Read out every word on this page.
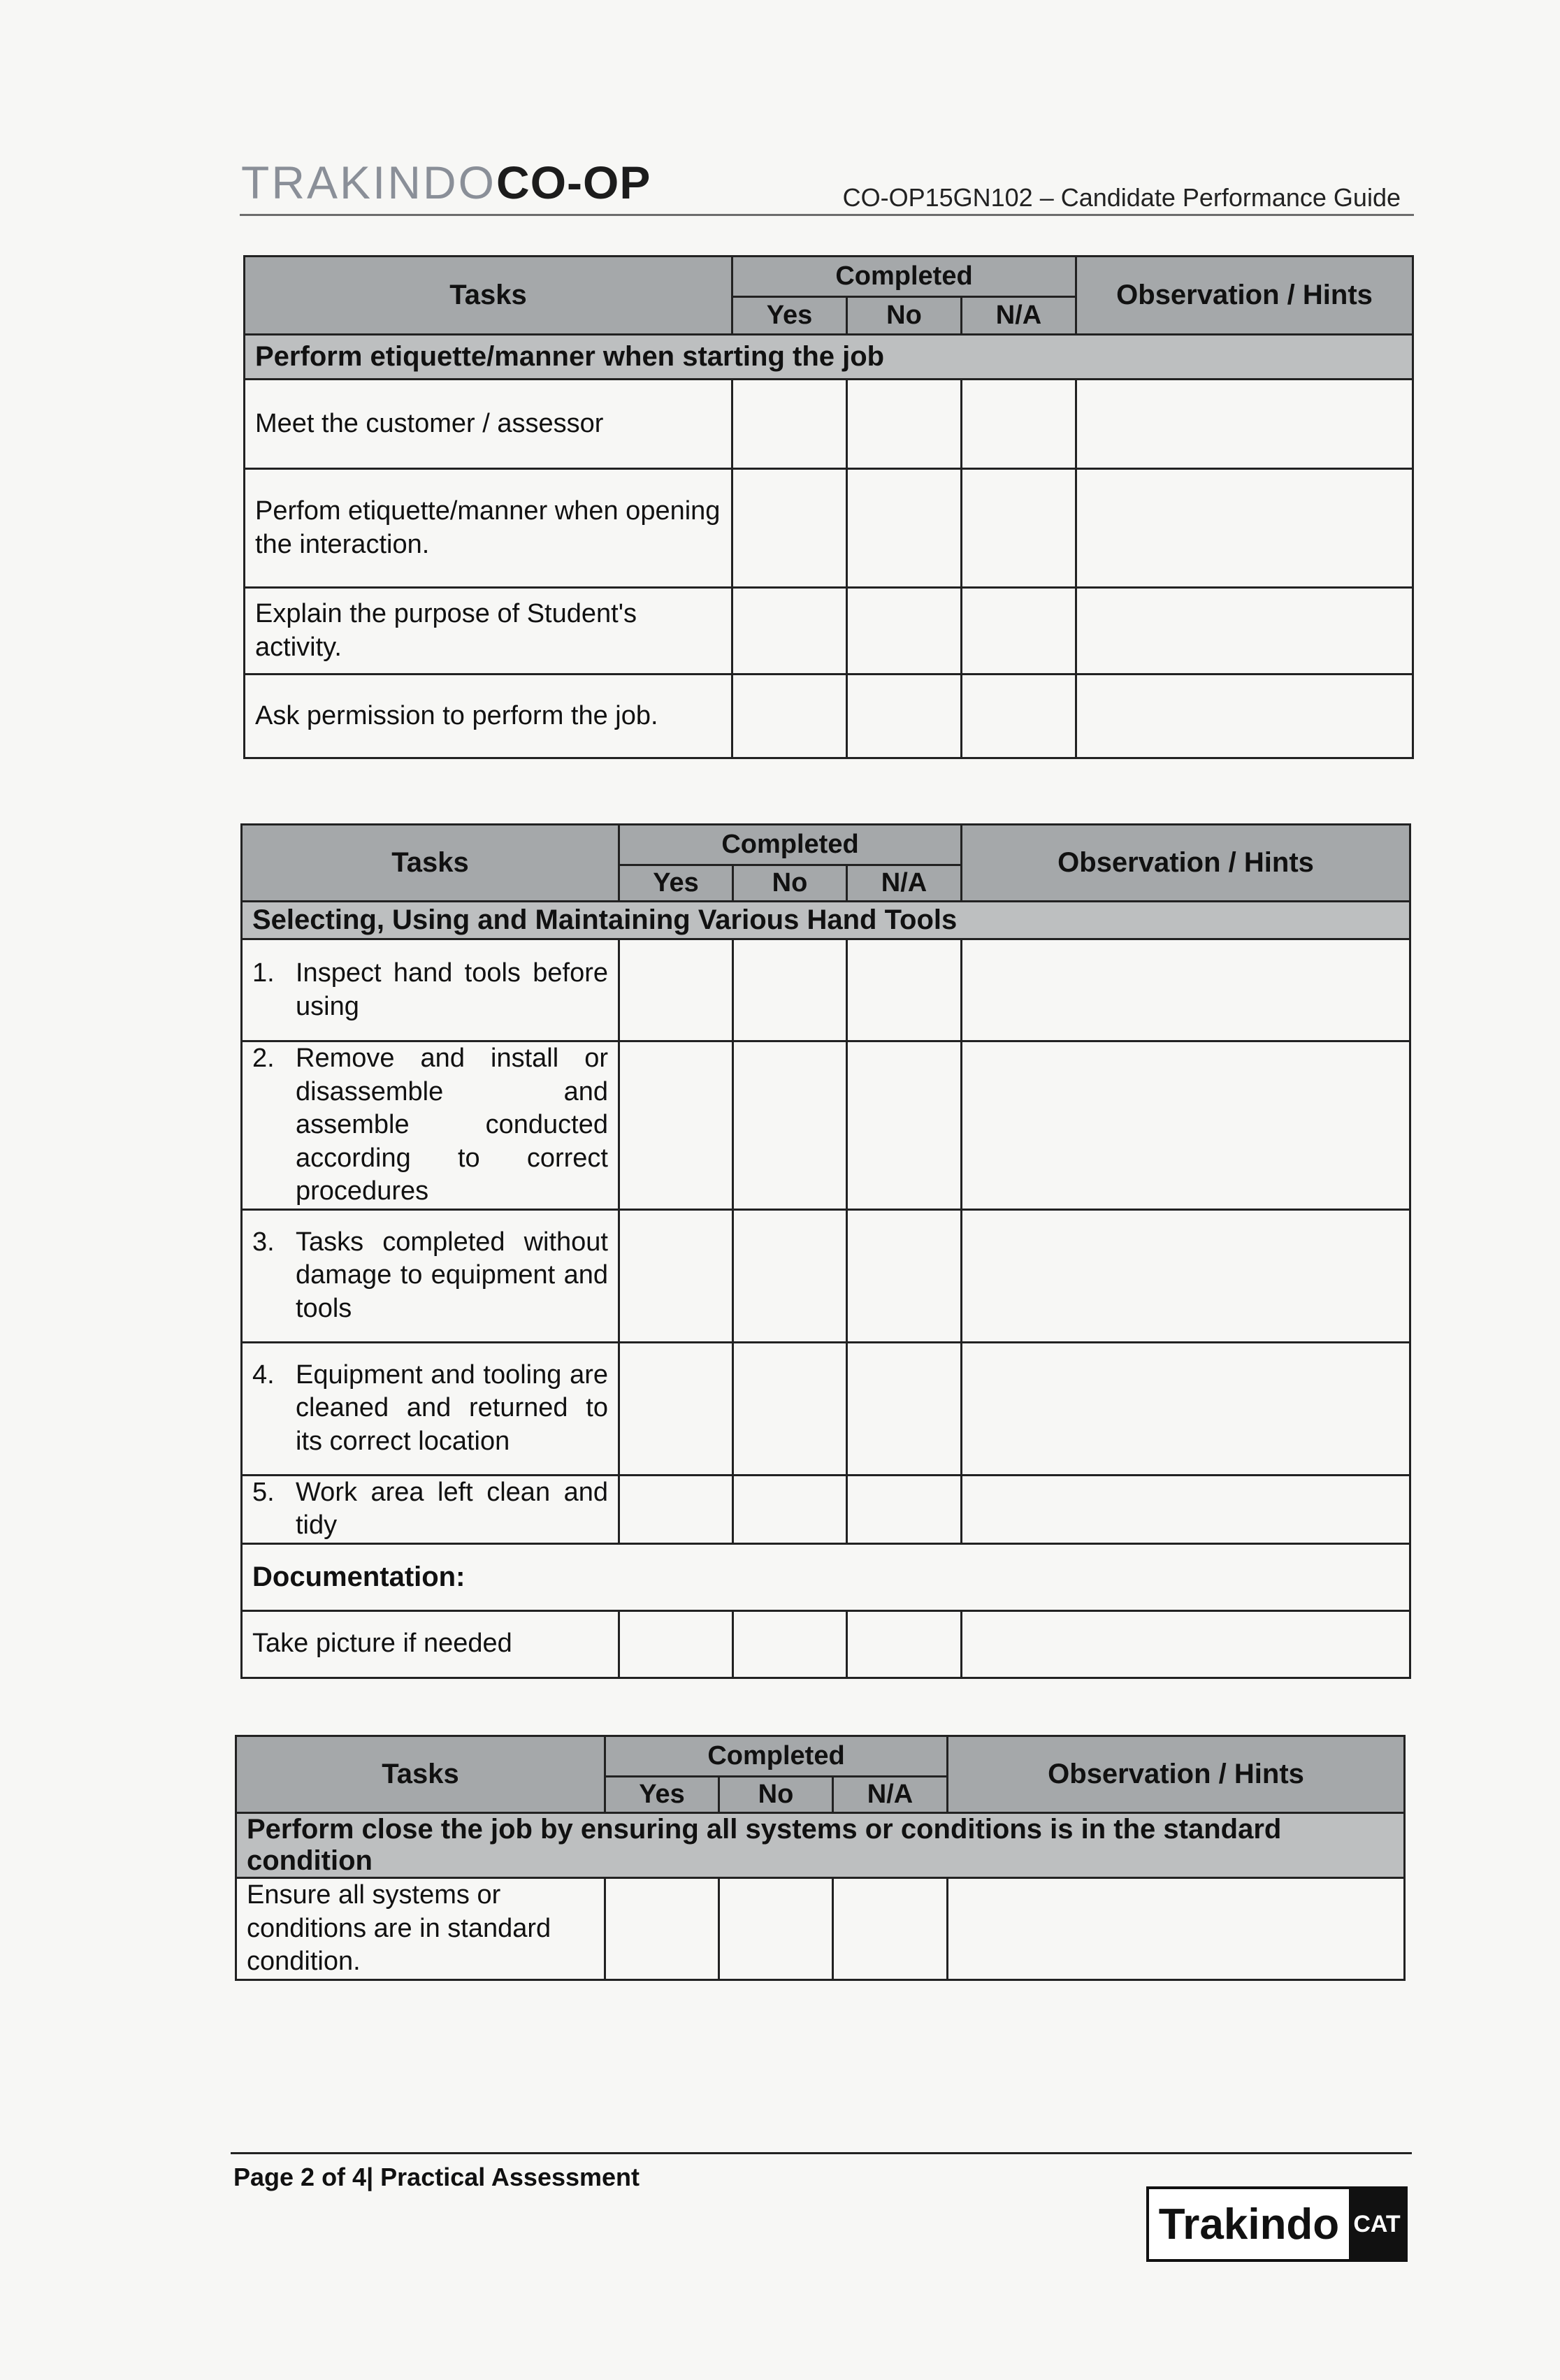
TRAKINDOCO-OP	CO-OP15GN102 – Candidate Performance Guide
Tasks	Completed			Observation / Hints
	Yes	No	N/A	
Perform etiquette/manner when starting the job				
Meet the customer / assessor				
Perfom etiquette/manner when opening the interaction.				
Explain the purpose of Student's activity.				
Ask permission to perform the job.				
Tasks	Completed			Observation / Hints
	Yes	No	N/A	
Selecting, Using and Maintaining Various Hand Tools				

1. Inspect hand tools before using				

2. Remove and install or disassemble and assemble conducted according to correct procedures				

3. Tasks completed without damage to equipment and tools				

4. Equipment and tooling are cleaned and returned to its correct location				

5. Work area left clean and tidy				

Documentation:				
Take picture if needed				
Tasks	Completed			Observation / Hints
	Yes	No	N/A	
Perform close the job by ensuring all systems or conditions is in the standard condition				
Ensure all systems or conditions are in standard condition.				
Page 2 of 4| Practical Assessment
Trakindo CAT
